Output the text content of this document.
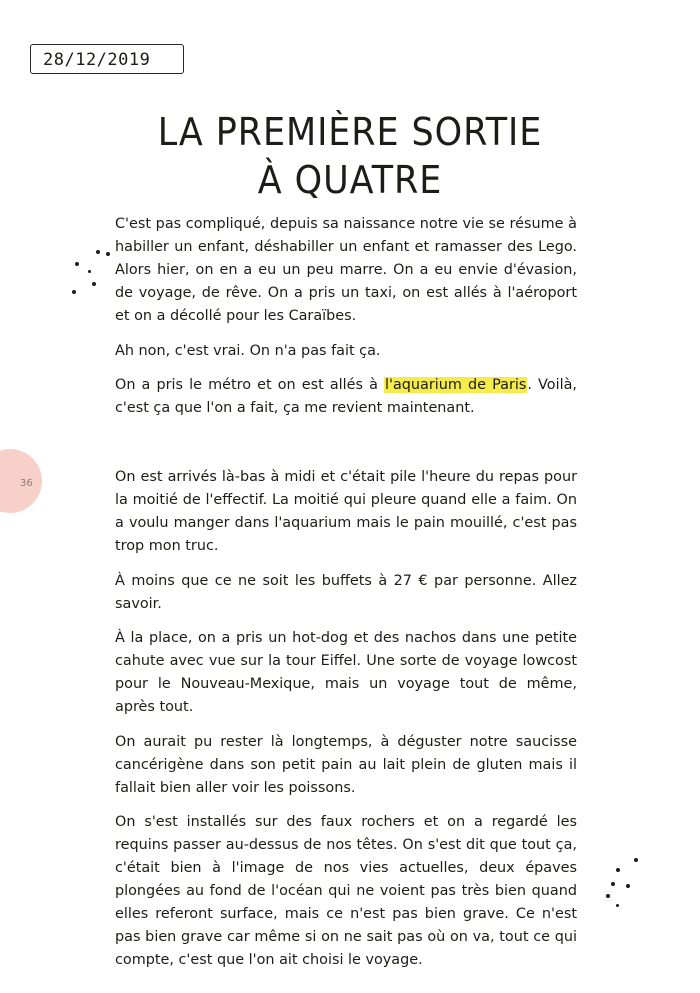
28/12/2019
LA PREMIÈRE SORTIE
À QUATRE
36

C'est pas compliqué, depuis sa naissance notre vie se résume à habiller un enfant, déshabiller un enfant et ramasser des Lego. Alors hier, on en a eu un peu marre. On a eu envie d'évasion, de voyage, de rêve. On a pris un taxi, on est allés à l'aéroport et on a décollé pour les Caraïbes.

Ah non, c'est vrai. On n'a pas fait ça.

On a pris le métro et on est allés à l'aquarium de Paris. Voilà, c'est ça que l'on a fait, ça me revient maintenant.

On est arrivés là-bas à midi et c'était pile l'heure du repas pour la moitié de l'effectif. La moitié qui pleure quand elle a faim. On a voulu manger dans l'aquarium mais le pain mouillé, c'est pas trop mon truc.

À moins que ce ne soit les buffets à 27 € par personne. Allez savoir.

À la place, on a pris un hot-dog et des nachos dans une petite cahute avec vue sur la tour Eiffel. Une sorte de voyage lowcost pour le Nouveau-Mexique, mais un voyage tout de même, après tout.

On aurait pu rester là longtemps, à déguster notre saucisse cancérigène dans son petit pain au lait plein de gluten mais il fallait bien aller voir les poissons.

On s'est installés sur des faux rochers et on a regardé les requins passer au-dessus de nos têtes. On s'est dit que tout ça, c'était bien à l'image de nos vies actuelles, deux épaves plongées au fond de l'océan qui ne voient pas très bien quand elles referont surface, mais ce n'est pas bien grave. Ce n'est pas bien grave car même si on ne sait pas où on va, tout ce qui compte, c'est que l'on ait choisi le voyage.
